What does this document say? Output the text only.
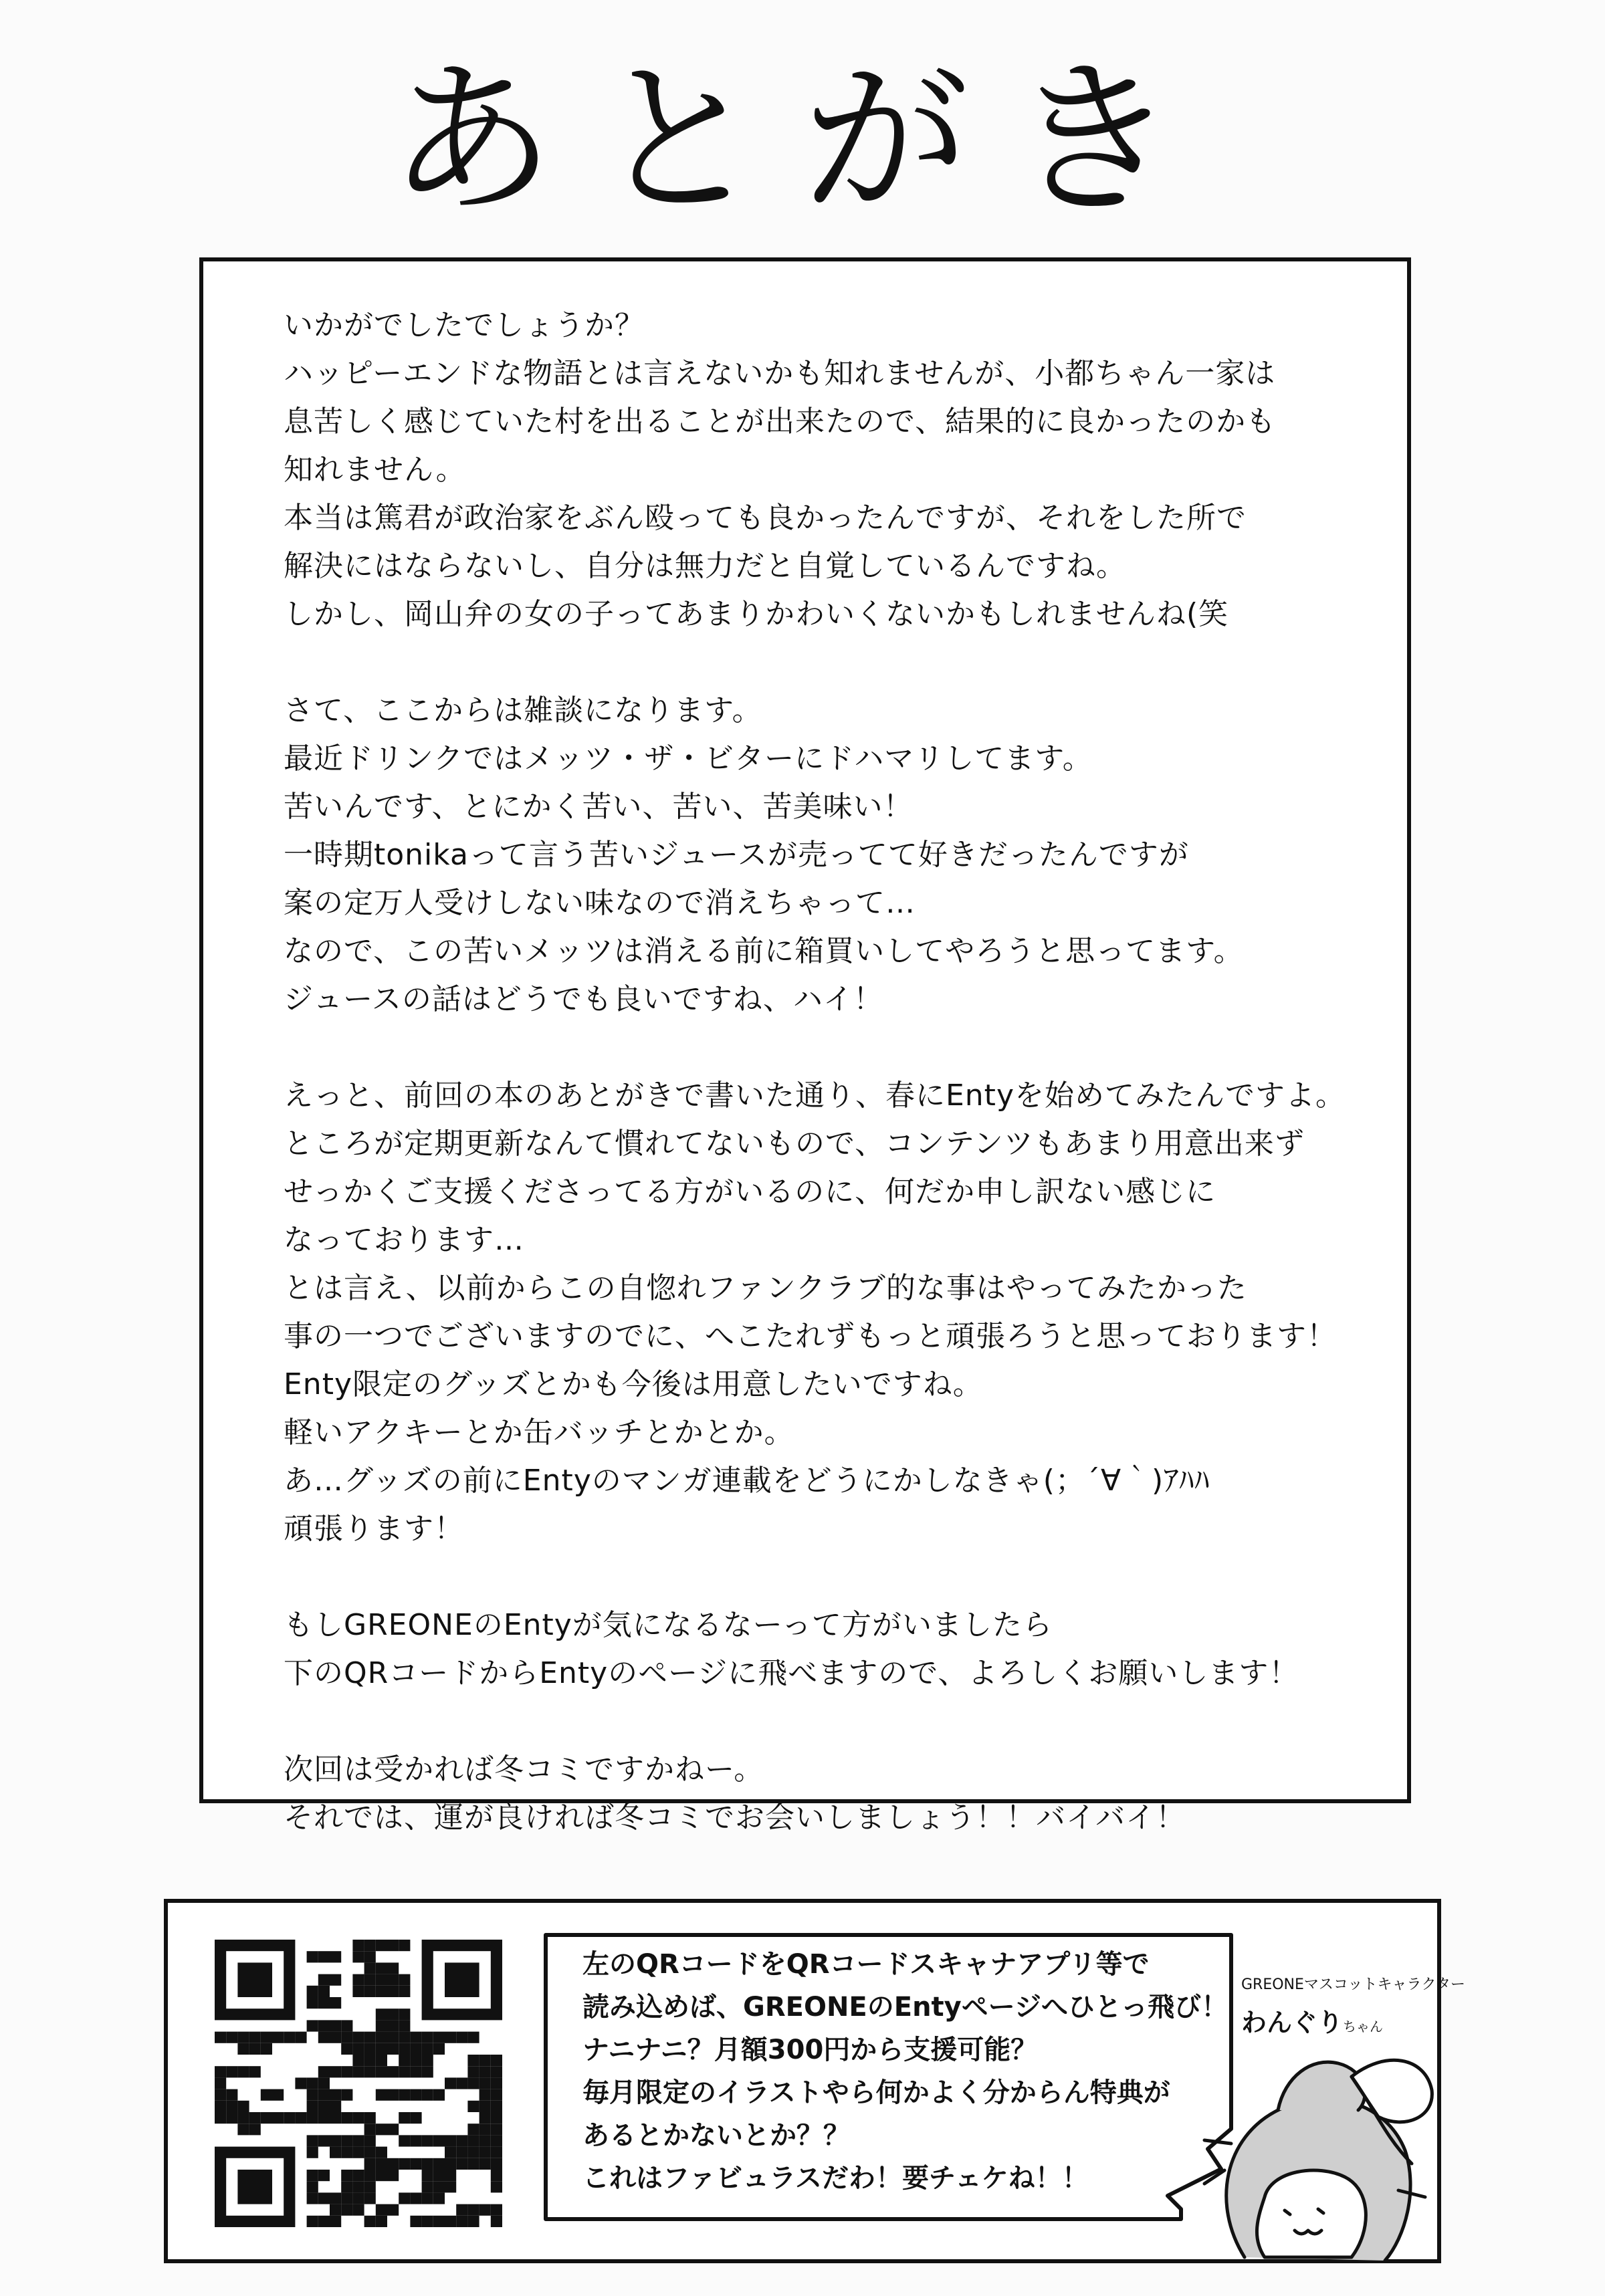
あとがき
いかがでしたでしょうか？
ハッピーエンドな物語とは言えないかも知れませんが、小都ちゃん一家は
息苦しく感じていた村を出ることが出来たので、結果的に良かったのかも
知れません。
本当は篤君が政治家をぶん殴っても良かったんですが、それをした所で
解決にはならないし、自分は無力だと自覚しているんですね。
しかし、岡山弁の女の子ってあまりかわいくないかもしれませんね(笑
さて、ここからは雑談になります。
最近ドリンクではメッツ・ザ・ビターにドハマリしてます。
苦いんです、とにかく苦い、苦い、苦美味い！
一時期tonikaって言う苦いジュースが売ってて好きだったんですが
案の定万人受けしない味なので消えちゃって…
なので、この苦いメッツは消える前に箱買いしてやろうと思ってます。
ジュースの話はどうでも良いですね、ハイ！
えっと、前回の本のあとがきで書いた通り、春にEntyを始めてみたんですよ。
ところが定期更新なんて慣れてないもので、コンテンツもあまり用意出来ず
せっかくご支援くださってる方がいるのに、何だか申し訳ない感じに
なっております…
とは言え、以前からこの自惚れファンクラブ的な事はやってみたかった
事の一つでございますのでに、へこたれずもっと頑張ろうと思っております！
Enty限定のグッズとかも今後は用意したいですね。
軽いアクキーとか缶バッチとかとか。
あ…グッズの前にEntyのマンガ連載をどうにかしなきゃ(；´∀｀)ｱﾊﾊ
頑張ります！
もしGREONEのEntyが気になるなーって方がいましたら
下のQRコードからEntyのページに飛べますので、よろしくお願いします！
次回は受かれば冬コミですかねー。
それでは、運が良ければ冬コミでお会いしましょう！！バイバイ！
左のQRコードをQRコードスキャナアプリ等で
読み込めば、GREONEのEntyページへひとっ飛び！
ナニナニ？月額300円から支援可能？
毎月限定のイラストやら何かよく分からん特典が
あるとかないとか？？
これはファビュラスだわ！要チェケね！！
GREONEマスコットキャラクター
わんぐりちゃん
